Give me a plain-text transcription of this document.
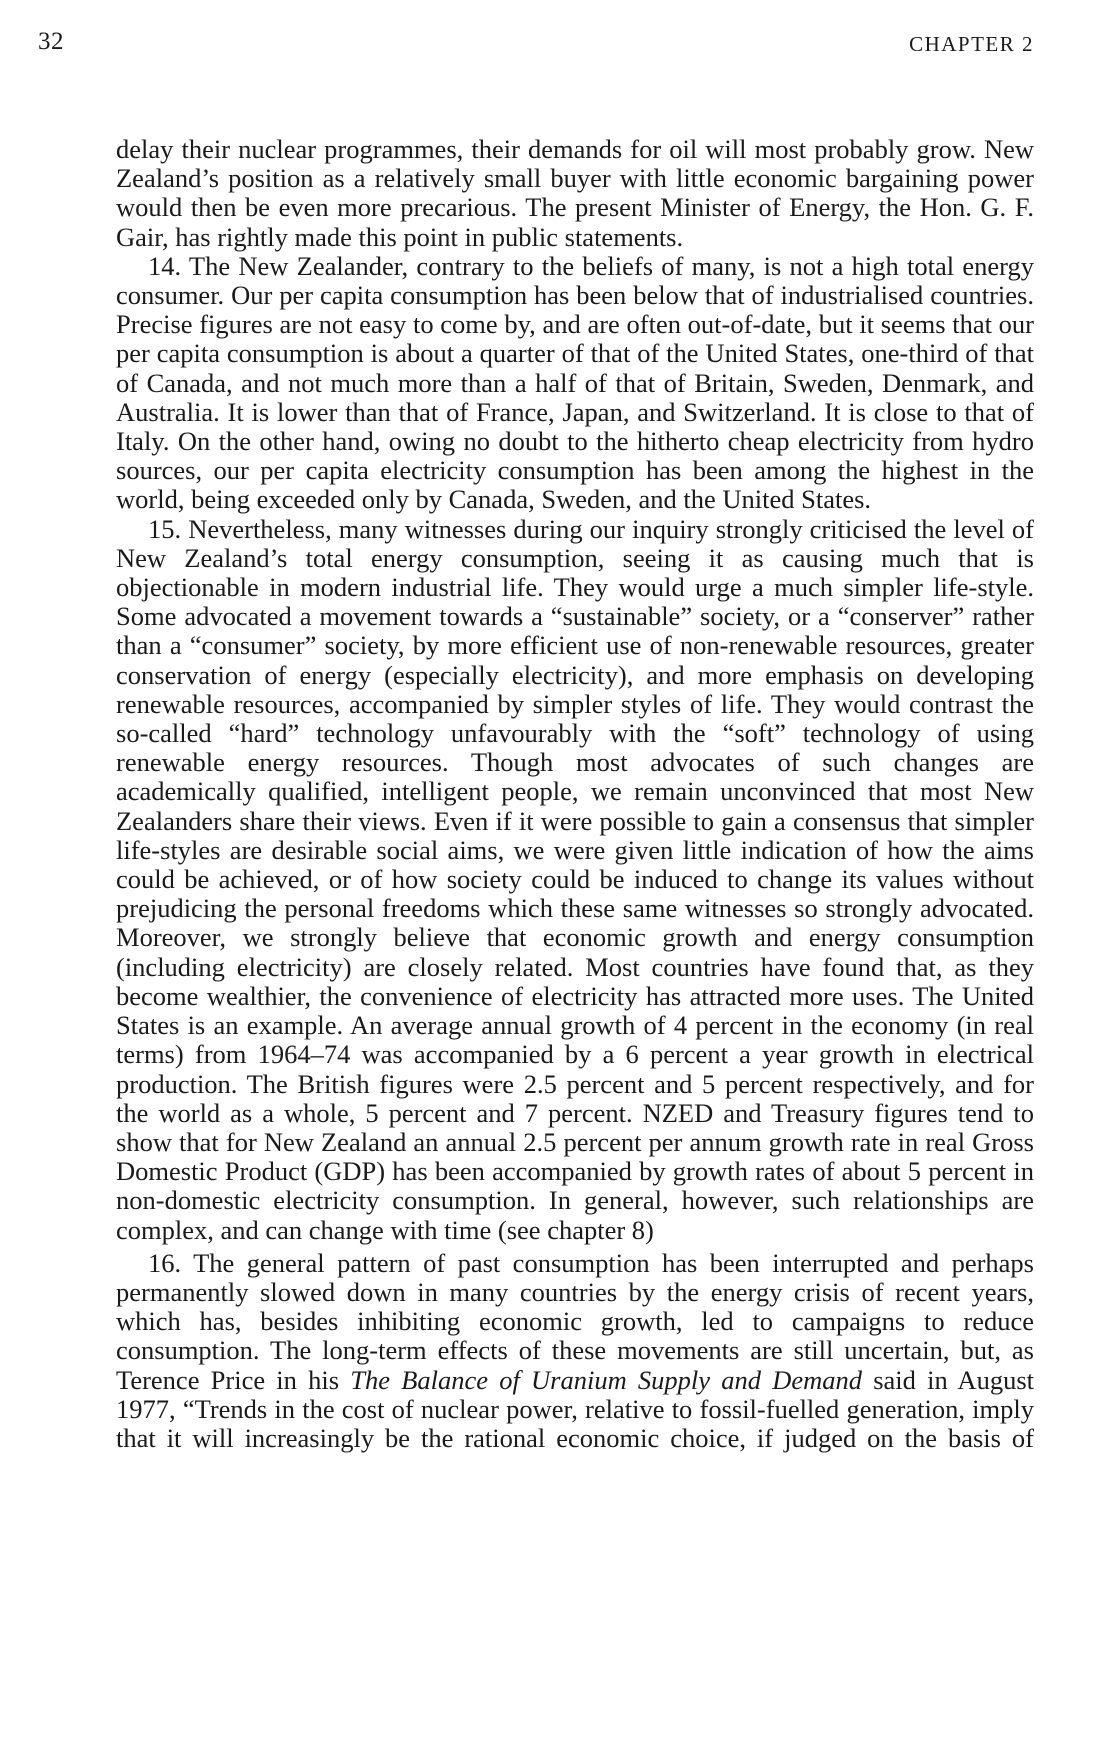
32	CHAPTER 2

delay their nuclear programmes, their demands for oil will most probably grow. New Zealand’s position as a relatively small buyer with little economic bargaining power would then be even more precarious. The present Minister of Energy, the Hon. G. F. Gair, has rightly made this point in public statements.

14. The New Zealander, contrary to the beliefs of many, is not a high total energy consumer. Our per capita consumption has been below that of industrialised countries. Precise figures are not easy to come by, and are often out-of-date, but it seems that our per capita consumption is about a quarter of that of the United States, one-third of that of Canada, and not much more than a half of that of Britain, Sweden, Denmark, and Australia. It is lower than that of France, Japan, and Switzerland. It is close to that of Italy. On the other hand, owing no doubt to the hitherto cheap electricity from hydro sources, our per capita electricity consumption has been among the highest in the world, being exceeded only by Canada, Sweden, and the United States.

15. Nevertheless, many witnesses during our inquiry strongly criticised the level of New Zealand’s total energy consumption, seeing it as causing much that is objectionable in modern industrial life. They would urge a much simpler life-style. Some advocated a movement towards a “sustainable” society, or a “conserver” rather than a “consumer” society, by more efficient use of non-renewable resources, greater conservation of energy (especially electricity), and more emphasis on developing renewable resources, accompanied by simpler styles of life. They would contrast the so-called “hard” technology unfavourably with the “soft” technology of using renewable energy resources. Though most advocates of such changes are academically qualified, intelligent people, we remain unconvinced that most New Zealanders share their views. Even if it were possible to gain a consensus that simpler life-styles are desirable social aims, we were given little indication of how the aims could be achieved, or of how society could be induced to change its values without prejudicing the personal freedoms which these same witnesses so strongly advocated. Moreover, we strongly believe that economic growth and energy consumption (including electricity) are closely related. Most countries have found that, as they become wealthier, the convenience of electricity has attracted more uses. The United States is an example. An average annual growth of 4 percent in the economy (in real terms) from 1964–74 was accompanied by a 6 percent a year growth in electrical production. The British figures were 2.5 percent and 5 percent respectively, and for the world as a whole, 5 percent and 7 percent. NZED and Treasury figures tend to show that for New Zealand an annual 2.5 percent per annum growth rate in real Gross Domestic Product (GDP) has been accompanied by growth rates of about 5 percent in non-domestic electricity consumption. In general, however, such relationships are complex, and can change with time (see chapter 8)

16. The general pattern of past consumption has been interrupted and perhaps permanently slowed down in many countries by the energy crisis of recent years, which has, besides inhibiting economic growth, led to campaigns to reduce consumption. The long-term effects of these movements are still uncertain, but, as Terence Price in his The Balance of Uranium Supply and Demand said in August 1977, “Trends in the cost of nuclear power, relative to fossil-fuelled generation, imply that it will increasingly be the rational economic choice, if judged on the basis of
